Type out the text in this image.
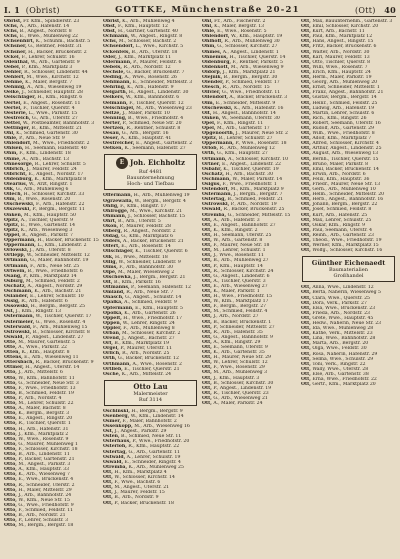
I. 1 (Obrist)	GOTTKE, Münchenstraße 20-21	(Ott) 40
Obrist, Fr. Kfm., Spindlerstr. 23
Ochs, A., Arb., Hafenstr. 14
Ochs, B., Angest., Nordstr. 8
Ochs, E., Wwe., Mühlenweg 22
Ochsenhirt, K., Schuhm., Bachstr. 5
Ochsner, G., Rentner, Feldstr. 31
Ochsner, H., Bäcker, Brückenstr. 2
Ockel, F., Lehrer, Schulstr. 16
Odenthal, W., Arb., Gartenstr. 9
Oebel, P., Kfm., Marktplatz 3
Oehler, R., Schlosser, Lindenstr. 44
Oehlert, M., Wwe., Kirchstr. 12
Oehme, K., Maler, Bergstr. 7
Oehmig, A., Arb., Wiesenweg 19
Oelke, J., Schneider, Hauptstr. 28
Oelschläger, H., Kfm., Ringstr. 6
Oertel, E., Angest., Rosenstr. 11
Oertel, F., Tischler, Querstr. 4
Oesterle, L., Wwe., Parkstr. 15
Oestreich, G., Arb., Uferstr. 27
Oettel, W., Postbeamter, Bahnhofstr. 3
Oettinger, B., Kfm., Mittelstr. 21
Ohl, K., Schmied, Gartenstr. 30
Ohle, P., Arb., Neue Str. 9
Ohlendorf, M., Wwe., Friedhofstr. 2
Ohlsen, H., Seemann, Hafenstr. 40
Ohm, F., Kfm., Lindenstr. 18
Ohme, A., Arb., Bachstr. 13
Ohnesorge, R., Lehrer, Schulstr. 5
Olbrich, J., Maurer, Feldstr. 24
Olbricht, E., Angest., Nordstr. 17
Oldenburg, K., Kfm., Marktplatz 8
Olearius, W., Arzt, Ringstr. 1
Olk, G., Arb., Mühlenweg 6
Ollech, H., Schlosser, Kirchstr. 33
Olm, B., Wwe., Rosenstr. 20
Olschewski, F., Arb., Hafenstr. 22
Olszewski, P., Bergm., Bergstr. 11
Onken, M., Kfm., Hauptstr. 50
Opitz, A., Tischler, Querstr. 9
Opitz, E., Wwe., Gartenstr. 14
Opitz, K., Arb., Wiesenweg 3
Oppel, R., Angest., Parkstr. 7
Oppermann, H., Bäcker, Brückenstr. 15
Oppermann, L., Kfm., Lindenstr. 2
Orlowski, J., Arb., Uferstr. 8
Ortlepp, W., Schneider, Mittelstr. 12
Ortmann, G., Maler, Bahnhofstr. 19
Ortmann, F., Arb., Neue Str. 25
Ortwein, B., Wwe., Friedhofstr. 6
Osang, P., Kfm., Marktplatz 14
Osburg, M., Schmied, Feldstr. 2
Oschatz, A., Angest., Nordstr. 29
Oschmann, K., Arb., Bachstr. 21
Osiander, E., Lehrer, Schulstr. 10
Ossig, R., Arb., Hafenstr. 6
Ossowski, H., Bergm., Bergstr. 25
Ost, J., Kfm., Ringstr. 13
Ostermann, W., Tischler, Querstr. 17
Ostermeier, G., Wwe., Rosenstr. 4
Osterwald, F., Arb., Mühlenweg 15
Ostrowski, B., Schlosser, Kirchstr. 8
Oswald, P., Angest., Lindenstr. 27
Otte, M., Maurer, Gartenstr. 5
Otte, A., Wwe., Parkstr. 22
Otten, K., Kfm., Hauptstr. 8
Ottens, E., Arb., Wiesenweg 11
Ottersbach, R., Bäcker, Brückenstr. 9
Ottmer, H., Angest., Uferstr. 14
Otto, J., Arb., Mittelstr. 6
Otto, W., Kfm., Bahnhofstr. 11
Otto, G., Schneider, Neue Str. 3
Otto, F., Wwe., Friedhofstr. 13
Otto, B., Schmied, Feldstr. 19
Otto, P., Arb., Nordstr. 4
Otto, M., Lehrer, Schulstr. 22
Otto, A., Maler, Bachstr. 8
Otto, K., Bergm., Bergstr. 3
Otto, E., Angest., Ringstr. 20
Otto, R., Tischler, Querstr. 1
Otto, H., Arb., Hafenstr. 31
Otto, J., Kfm., Marktplatz 2
Otto, W., Wwe., Rosenstr. 9
Otto, G., Maurer, Mühlenweg 1
Otto, F., Schlosser, Kirchstr. 18
Otto, B., Arb., Lindenstr. 11
Otto, P., Bäcker, Gartenstr. 21
Otto, M., Angest., Parkstr. 3
Otto, A., Kfm., Hauptstr. 33
Otto, K., Arb., Wiesenweg 7
Otto, E., Wwe., Brückenstr. 4
Otto, R., Schneider, Uferstr. 2
Otto, H., Maler, Mittelstr. 29
Otto, J., Arb., Bahnhofstr. 24
Otto, W., Kfm., Neue Str. 15
Otto, G., Wwe., Friedhofstr. 9
Otto, F., Schmied, Feldstr. 11
Otto, B., Arb., Nordstr. 21
Otto, P., Lehrer, Schulstr. 3
Otto, M., Bergm., Bergstr. 18
Obrist, K., Arb., Mühlenweg 4
Obst, F., Kfm., Hauptstr. 12
Obst, H., Gärtner, Gartenstr. 40
Ochmann, W., Angest., Ringstr. 8
Ochs, M., Schlosser, Bachstr. 2
Ochsendorf, L., Wwe., Kirchstr. 5
Ockenfels, B., Arb., Uferstr. 18
Oder, J., Kfm., Marktplatz 11
Odermann, P., Maurer, Feldstr. 6
Oebels, R., Arb., Nordstr. 12
Oechsle, G., Bäcker, Brückenstr. 7
Oeding, A., Wwe., Rosenstr. 26
Oehlmann, E., Schneider, Mittelstr. 3
Oehring, K., Arb., Hafenstr. 9
Oelgarth, H., Angest., Lindenstr. 30
Oelkers, W., Kfm., Bahnhofstr. 6
Oelmann, F., Tischler, Querstr. 12
Oelschlägel, M., Arb., Wiesenweg 23
Oeltze, J., Maler, Parkstr. 10
Oenning, B., Wwe., Friedhofstr. 4
Oerter, P., Schmied, Neue Str. 20
Oertzen, R., Rentner, Schulstr. 8
Oesau, G., Arb., Bergstr. 16
Oeser, A., Kfm., Hauptstr. 41
Oestreicher, E., Angest., Gartenstr. 2
Oetken, K., Seemann, Hafenstr. 27
E Joh. Eichholtz
Ruf 4481
Bauunternehmung
Hoch- und Tiefbau
Offermann, H., Arb., Mühlenweg 19
Ogrzewalla, W., Bergm., Bergstr. 4
Ohlig, F., Kfm., Ringstr. 17
Ohlrogge, M., Wwe., Kirchstr. 21
Ohmann, J., Schlosser, Bachstr. 15
Ohrt, B., Arb., Uferstr. 5
Okon, P., Maurer, Feldstr. 28
Olberg, R., Angest., Nordstr. 2
Oldag, G., Kfm., Marktplatz 6
Olders, A., Bäcker, Brückenstr. 21
Olfert, E., Arb., Rosenstr. 14
Olischläger, K., Tischler, Querstr. 6
Olk, H., Wwe., Mittelstr. 18
Ollig, W., Schneider, Lindenstr. 9
Olms, F., Arb., Bahnhofstr. 30
Olpe, M., Maler, Wiesenweg 2
Olschowka, J., Bergm., Bergstr. 21
Olt, B., Kfm., Parkstr. 16
Oltmanns, P., Seemann, Hafenstr. 12
Omland, R., Arb., Neue Str. 7
Onasch, G., Angest., Schulstr. 14
Opalka, A., Schmied, Feldstr. 9
Opfermann, E., Kfm., Hauptstr. 5
Opolka, K., Arb., Gartenstr. 26
Oppelt, H., Wwe., Friedhofstr. 17
Oppen, W., Lehrer, Ringstr. 24
Oppler, F., Arb., Mühlenweg 8
Orban, M., Schlosser, Kirchstr. 2
Orend, J., Angest., Bachstr. 27
Orf, B., Kfm., Marktplatz 19
Orgel, P., Maurer, Uferstr. 11
Orlich, R., Arb., Nordstr. 25
Orth, G., Bäcker, Brückenstr. 12
Orthmann, A., Wwe., Rosenstr. 2
Ortlieb, E., Tischler, Querstr. 21
Osche, K., Arb., Mittelstr. 24
Otto Lau
Malermeister
Ruf 3114
Oschinski, H., Bergm., Bergstr. 9
Osenberg, W., Kfm., Lindenstr. 14
Osmer, F., Maler, Bahnhofstr. 2
Ossenkopp, M., Arb., Wiesenweg 16
Ost, J., Angest., Parkstr. 29
Osten, B., Schmied, Neue Str. 11
Osterhaus, P., Wwe., Friedhofstr. 20
Osterloh, R., Kfm., Hauptstr. 22
Ostertag, G., Arb., Gartenstr. 11
Ostwald, A., Lehrer, Schulstr. 19
Oswald, E., Schneider, Ringstr. 4
Otremba, K., Arb., Mühlenweg 25
Ott, H., Kfm., Marktplatz 4
Ott, W., Schlosser, Kirchstr. 14
Ott, F., Wwe., Bachstr. 6
Ott, M., Angest., Uferstr. 21
Ott, J., Maurer, Feldstr. 15
Ott, B., Arb., Nordstr. 9
Ott, P., Bäcker, Brückenstr. 18
Ohl, Fr., Arb., Fischerstr. 2
Ohl, K., Maler, Bergstr. 13
Ohle, E., Wwe., Rosenstr. 5
Ohlendorf, W., Kfm., Hauptstr. 19
Ohlhoff, R., Arb., Mühlenweg 30
Ohm, G., Schlosser, Kirchstr. 27
Ohmes, A., Angest., Lindenstr. 1
Ohnemus, H., Tischler, Querstr. 14
Oldenburg, F., Rentner, Parkstr. 5
Oldenkott, M., Arb., Wiesenweg 9
Oldörp, J., Kfm., Marktplatz 21
Olejnik, B., Bergm., Bergstr. 30
Olender, P., Schmied, Feldstr. 17
Olesch, R., Arb., Nordstr. 15
Olivier, G., Wwe., Friedhofstr. 11
Ollendorf, A., Bäcker, Brückenstr. 3
Olm, E., Schneider, Mittelstr. 9
Olschewski, K., Arb., Hafenstr. 16
Olt, H., Angest., Bahnhofstr. 14
Onken, W., Seemann, Uferstr. 30
Opel, F., Kfm., Ringstr. 11
Opel, M., Arb., Gartenstr. 17
Opgenoorth, J., Maurer, Neue Str. 2
Opitz, B., Lehrer, Schulstr. 27
Oppermann, P., Wwe., Rosenstr. 18
Orlob, R., Arb., Mühlenweg 12
Orth, G., Kfm., Hauptstr. 27
Ortmann, A., Schlosser, Kirchstr. 10
Ortner, E., Angest., Lindenstr. 22
Osbahr, K., Tischler, Querstr. 19
Oschatz, H., Arb., Bachstr. 30
Oschmann, W., Maler, Parkstr. 14
Osigus, F., Wwe., Friedhofstr. 1
Ostendorf, M., Kfm., Marktplatz 9
Ostermann, J., Bergm., Bergstr. 7
Ostertag, B., Schmied, Feldstr. 21
Ostrowski, P., Arb., Nordstr. 19
Oswald, R., Bäcker, Brückenstr. 25
Otremba, G., Schneider, Mittelstr. 15
Ott, A., Arb., Hafenstr. 3
Ott, E., Angest., Bahnhofstr. 27
Ott, K., Kfm., Ringstr. 2
Ott, H., Seemann, Uferstr. 25
Ott, W., Arb., Gartenstr. 8
Ott, F., Maurer, Neue Str. 18
Ott, M., Lehrer, Schulstr. 1
Ott, J., Wwe., Rosenstr. 11
Ott, B., Arb., Mühlenweg 27
Ott, P., Kfm., Hauptstr. 14
Ott, R., Schlosser, Kirchstr. 24
Ott, G., Angest., Lindenstr. 6
Ott, A., Tischler, Querstr. 3
Ott, E., Arb., Wiesenweg 27
Ott, K., Maler, Parkstr. 1
Ott, H., Wwe., Friedhofstr. 15
Ott, W., Kfm., Marktplatz 17
Ott, F., Bergm., Bergstr. 27
Ott, M., Schmied, Feldstr. 4
Ott, J., Arb., Nordstr. 27
Ott, B., Bäcker, Brückenstr. 1
Ott, P., Schneider, Mittelstr. 27
Ott, R., Arb., Hafenstr. 35
Ott, G., Angest., Bahnhofstr. 9
Ott, A., Kfm., Ringstr. 29
Ott, E., Seemann, Uferstr. 9
Ott, K., Arb., Gartenstr. 35
Ott, H., Maurer, Neue Str. 29
Ott, W., Lehrer, Schulstr. 12
Ott, F., Wwe., Rosenstr. 29
Ott, M., Arb., Mühlenweg 3
Ott, J., Kfm., Hauptstr. 3
Ott, B., Schlosser, Kirchstr. 30
Ott, P., Angest., Lindenstr. 19
Ott, R., Tischler, Querstr. 23
Ott, G., Arb., Wiesenweg 21
Ott, A., Maler, Parkstr. 24
Ott, Max, Bauunternehm., Gartenstr. 3
Ott, Emil, Schlosser, Kirchstr. 20
Ott, Kurt, Arb., Bachstr. 11
Ott, Paul, Kfm., Marktplatz 12
Ott, Hans, Angest., Ringstr. 15
Ott, Fritz, Bäcker, Brückenstr. 6
Ott, Walter, Arb., Nordstr. 30
Ott, Karl, Maurer, Feldstr. 13
Ott, Otto, Tischler, Querstr. 8
Ott, Willi, Wwe., Rosenstr. 7
Ott, Erich, Kfm., Hauptstr. 24
Ott, Herm., Maler, Parkstr. 19
Ott, Georg, Arb., Mühlenweg 20
Ott, Ernst, Schneider, Mittelstr. 1
Ott, Franz, Angest., Bahnhofstr. 21
Ott, Gustav, Bergm., Bergstr. 14
Ott, Heinr., Schmied, Feldstr. 25
Ott, Ludwig, Arb., Hafenstr. 19
Ott, Martin, Lehrer, Schulstr. 6
Ott, Rich., Kfm., Ringstr. 26
Ott, Robert, Seemann, Uferstr. 16
Ott, Rudolf, Arb., Gartenstr. 29
Ott, Wilh., Wwe., Friedhofstr. 8
Ott, Adolf, Kfm., Marktplatz 7
Ott, Alfred, Schlosser, Kirchstr. 4
Ott, Arthur, Angest., Lindenstr. 25
Ott, August, Arb., Wiesenweg 13
Ott, Bernh., Tischler, Querstr. 15
Ott, Bruno, Maler, Parkstr. 8
Ott, Emil, Bäcker, Brückenstr. 14
Ott, Erwin, Arb., Nordstr. 6
Ott, Felix, Kfm., Hauptstr. 36
Ott, Friedr., Maurer, Neue Str. 13
Ott, Gerh., Arb., Mühlenweg 10
Ott, Helm., Schneider, Mittelstr. 20
Ott, Herb., Angest., Bahnhofstr. 16
Ott, Johann, Bergm., Bergstr. 22
Ott, Josef, Schmied, Feldstr. 8
Ott, Kurt, Arb., Hafenstr. 25
Ott, Max, Lehrer, Schulstr. 25
Ott, Oskar, Kfm., Ringstr. 9
Ott, Paul, Seemann, Uferstr. 4
Ott, Reinh., Arb., Gartenstr. 23
Ott, Theod., Wwe., Friedhofstr. 19
Ott, Werner, Kfm., Marktplatz 15
Ott, Wolfg., Schlosser, Kirchstr. 16
Günther Eichenaedt
Baumaterialien
Großhandel
Ott, Anna, Wwe., Lindenstr. 12
Ott, Berta, Näherin, Wiesenweg 5
Ott, Clara, Wwe., Querstr. 25
Ott, Dora, Verk., Parkstr. 27
Ott, Elsa, Wwe., Brückenstr. 23
Ott, Frieda, Arb., Nordstr. 23
Ott, Grete, Wwe., Hauptstr. 45
Ott, Hedw., Näherin, Neue Str. 23
Ott, Ida, Wwe., Mühlenweg 28
Ott, Käthe, Verk., Mittelstr. 23
Ott, Lina, Wwe., Bahnhofstr. 28
Ott, Marta, Arb., Bergstr. 20
Ott, Olga, Wwe., Feldstr. 30
Ott, Rosa, Näherin, Hafenstr. 29
Ott, Selma, Wwe., Schulstr. 29
Ott, Toni, Verk., Ringstr. 22
Ott, Wally, Wwe., Uferstr. 28
Ott, Else, Arb., Gartenstr. 38
Ott, Erna, Wwe., Friedhofstr. 22
Ott, Gertr., Kfm., Marktplatz 20
